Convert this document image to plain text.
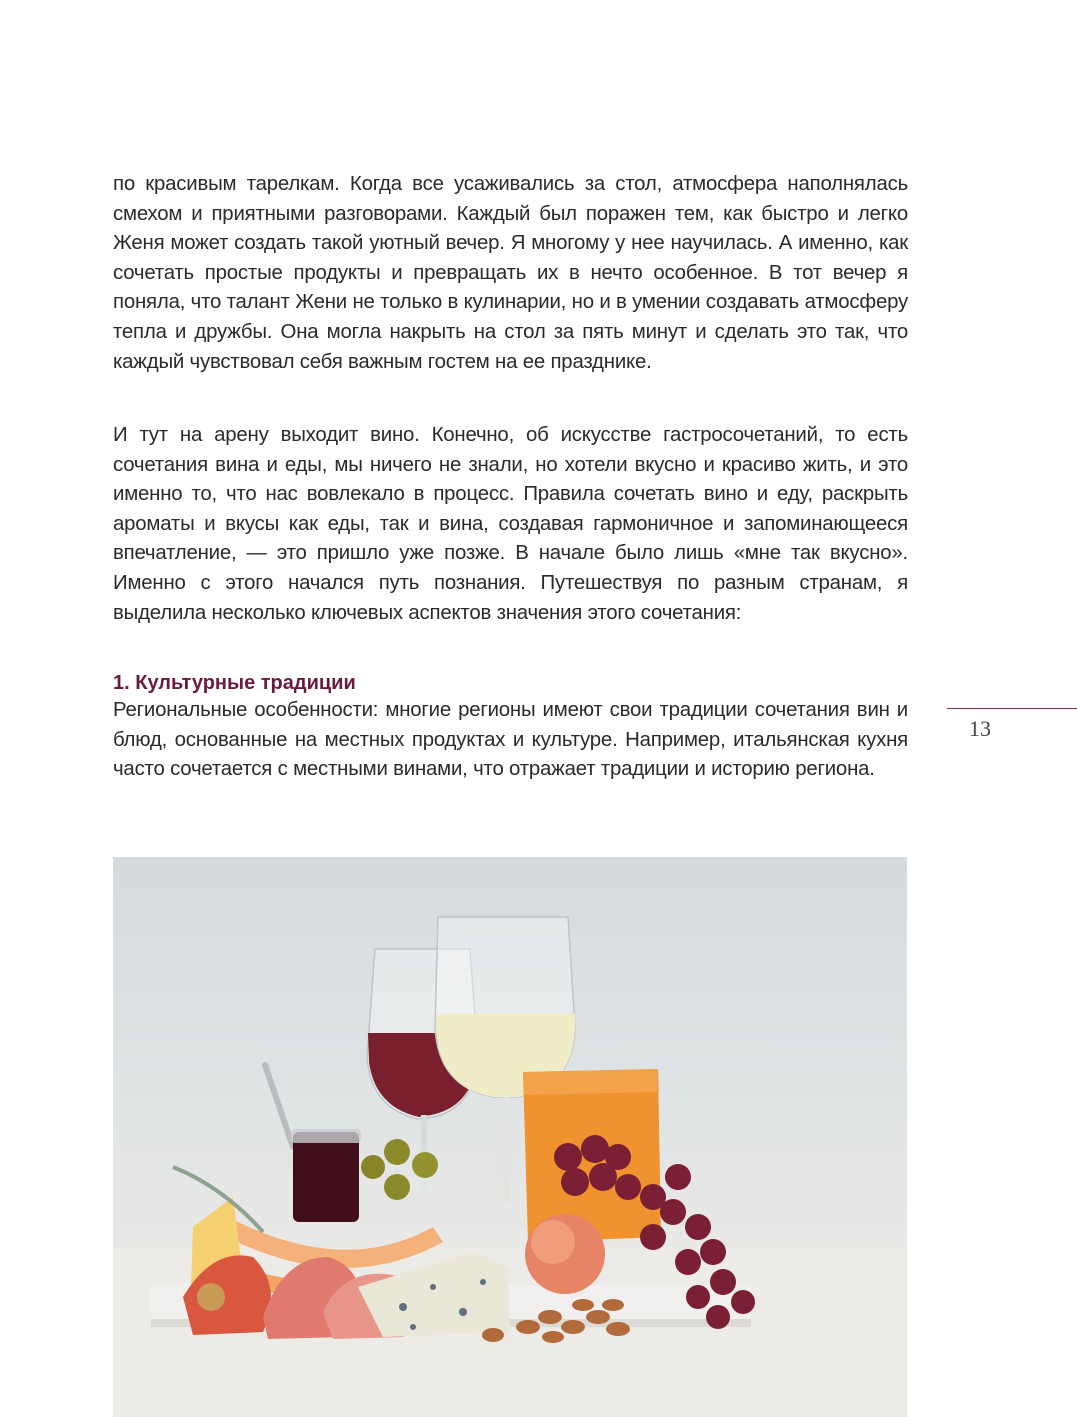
по красивым тарелкам. Когда все усаживались за стол, атмосфера наполнялась смехом и приятными разговорами. Каждый был поражен тем, как быстро и легко Женя может создать такой уютный вечер. Я многому у нее научилась. А именно, как сочетать простые продукты и превращать их в нечто особенное. В тот вечер я поняла, что талант Жени не только в кулинарии, но и в умении создавать атмосферу тепла и дружбы. Она могла накрыть на стол за пять минут и сделать это так, что каждый чувствовал себя важным гостем на ее празднике.

И тут на арену выходит вино. Конечно, об искусстве гастросочетаний, то есть сочетания вина и еды, мы ничего не знали, но хотели вкусно и красиво жить, и это именно то, что нас вовлекало в процесс. Правила сочетать вино и еду, раскрыть ароматы и вкусы как еды, так и вина, создавая гармоничное и запоминающееся впечатление, — это пришло уже позже. В начале было лишь «мне так вкусно». Именно с этого начался путь познания. Путешествуя по разным странам, я выделила несколько ключевых аспектов значения этого сочетания:

1. Культурные традиции

Региональные особенности: многие регионы имеют свои традиции сочетания вин и блюд, основанные на местных продуктах и культуре. Например, итальянская кухня часто сочетается с местными винами, что отражает традиции и историю региона.

13
